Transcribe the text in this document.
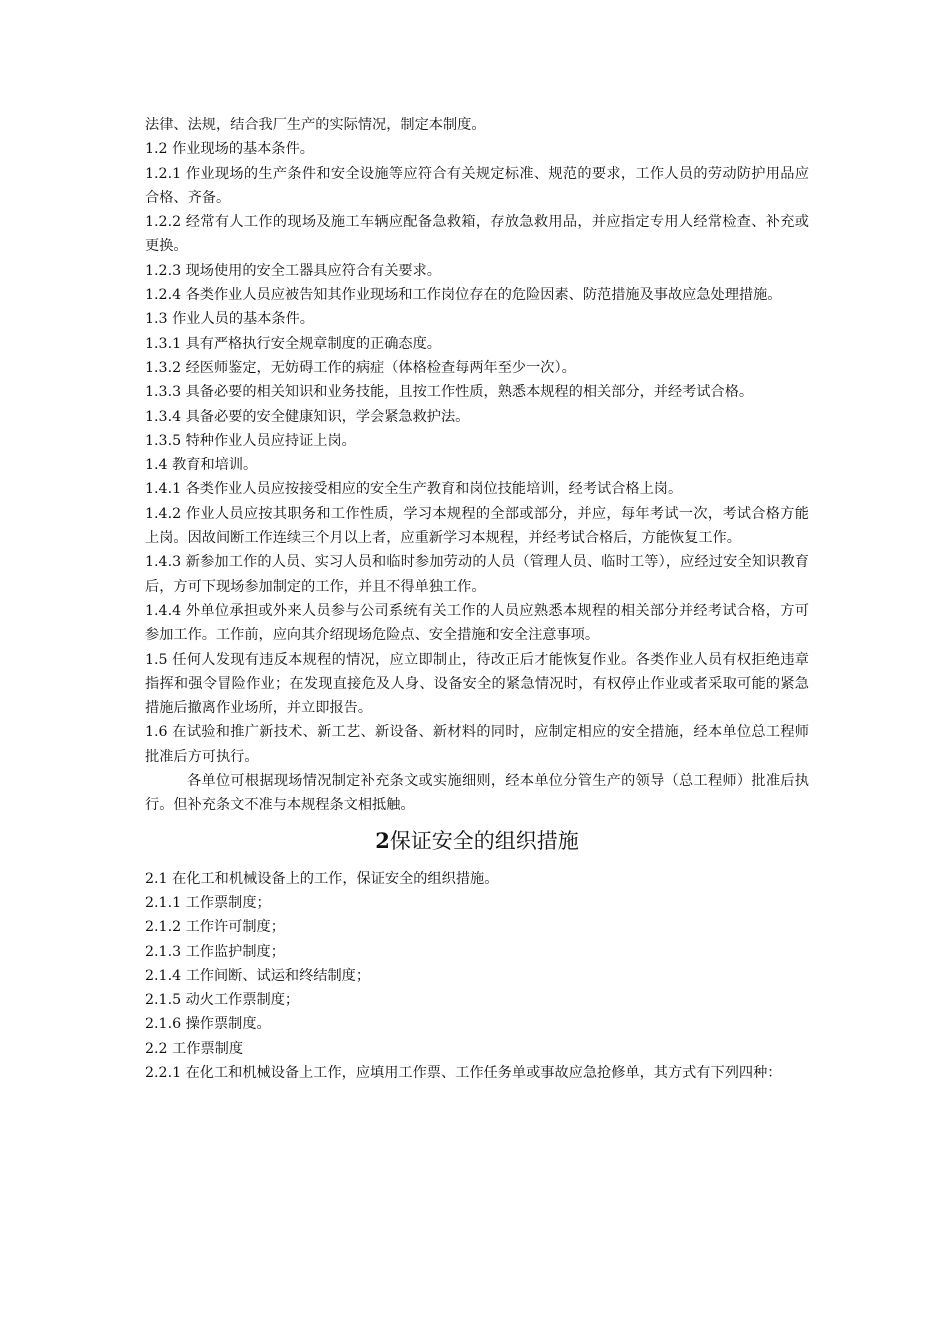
法律、法规，结合我厂生产的实际情况，制定本制度。

1.2 作业现场的基本条件。

1.2.1 作业现场的生产条件和安全设施等应符合有关规定标准、规范的要求，工作人员的劳动防护用品应合格、齐备。

1.2.2 经常有人工作的现场及施工车辆应配备急救箱，存放急救用品，并应指定专用人经常检查、补充或更换。

1.2.3 现场使用的安全工器具应符合有关要求。

1.2.4 各类作业人员应被告知其作业现场和工作岗位存在的危险因素、防范措施及事故应急处理措施。

1.3 作业人员的基本条件。

1.3.1 具有严格执行安全规章制度的正确态度。

1.3.2 经医师鉴定，无妨碍工作的病症（体格检查每两年至少一次）。

1.3.3 具备必要的相关知识和业务技能，且按工作性质，熟悉本规程的相关部分，并经考试合格。

1.3.4 具备必要的安全健康知识，学会紧急救护法。

1.3.5 特种作业人员应持证上岗。

1.4 教育和培训。

1.4.1 各类作业人员应按接受相应的安全生产教育和岗位技能培训，经考试合格上岗。

1.4.2 作业人员应按其职务和工作性质，学习本规程的全部或部分，并应，每年考试一次，考试合格方能上岗。因故间断工作连续三个月以上者，应重新学习本规程，并经考试合格后，方能恢复工作。

1.4.3 新参加工作的人员、实习人员和临时参加劳动的人员（管理人员、临时工等），应经过安全知识教育后，方可下现场参加制定的工作，并且不得单独工作。

1.4.4 外单位承担或外来人员参与公司系统有关工作的人员应熟悉本规程的相关部分并经考试合格，方可参加工作。工作前，应向其介绍现场危险点、安全措施和安全注意事项。

1.5 任何人发现有违反本规程的情况，应立即制止，待改正后才能恢复作业。各类作业人员有权拒绝违章指挥和强令冒险作业；在发现直接危及人身、设备安全的紧急情况时，有权停止作业或者采取可能的紧急措施后撤离作业场所，并立即报告。

1.6 在试验和推广新技术、新工艺、新设备、新材料的同时，应制定相应的安全措施，经本单位总工程师批准后方可执行。

各单位可根据现场情况制定补充条文或实施细则，经本单位分管生产的领导（总工程师）批准后执行。但补充条文不准与本规程条文相抵触。

2保证安全的组织措施

2.1 在化工和机械设备上的工作，保证安全的组织措施。

2.1.1 工作票制度；

2.1.2 工作许可制度；

2.1.3 工作监护制度；

2.1.4 工作间断、试运和终结制度；

2.1.5 动火工作票制度；

2.1.6 操作票制度。

2.2 工作票制度

2.2.1 在化工和机械设备上工作，应填用工作票、工作任务单或事故应急抢修单，其方式有下列四种：
